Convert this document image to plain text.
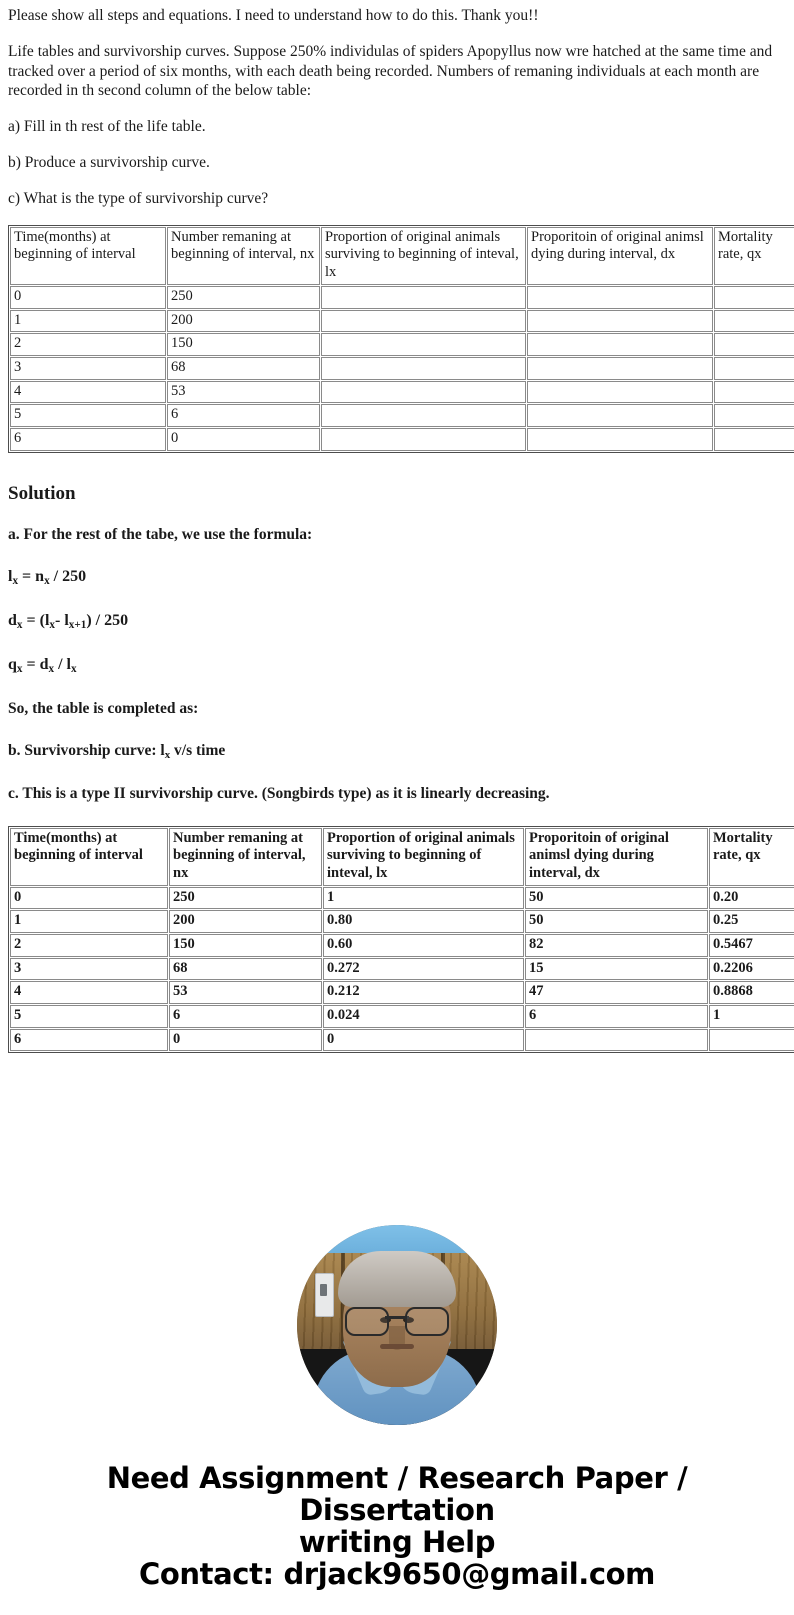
Please show all steps and equations. I need to understand how to do this. Thank you!!

Life tables and survivorship curves. Suppose 250% individulas of spiders Apopyllus now wre hatched at the same time and tracked over a period of six months, with each death being recorded. Numbers of remaning individuals at each month are recorded in th second column of the below table:

a) Fill in th rest of the life table.

b) Produce a survivorship curve.

c) What is the type of survivorship curve?

Time(months) at beginning of interval	Number remaning at beginning of interval, nx	Proportion of original animals surviving to beginning of inteval, lx	Proporitoin of original animsl dying during interval, dx	Mortality rate, qx
0	250			
1	200			
2	150			
3	68			
4	53			
5	6			
6	0			
Solution
a. For the rest of the tabe, we use the formula:
$l_x = n_x / 250$
$d_x = (l_x-$ $l_{x+1}) / 250$
$q_x = d_x / l_x$
So, the table is completed as:
b. Survivorship curve: $l_x$ v/s time
c. This is a type II survivorship curve. (Songbirds type) as it is linearly decreasing.
Time(months) at beginning of interval	Number remaning at beginning of interval, nx	Proportion of original animals surviving to beginning of inteval, lx	Proporitoin of original animsl dying during interval, dx	Mortality rate, qx
0	250	1	50	0.20
1	200	0.80	50	0.25
2	150	0.60	82	0.5467
3	68	0.272	15	0.2206
4	53	0.212	47	0.8868
5	6	0.024	6	1
6	0	0		
Need Assignment / Research Paper / Dissertation
writing Help
Contact: drjack9650@gmail.com
